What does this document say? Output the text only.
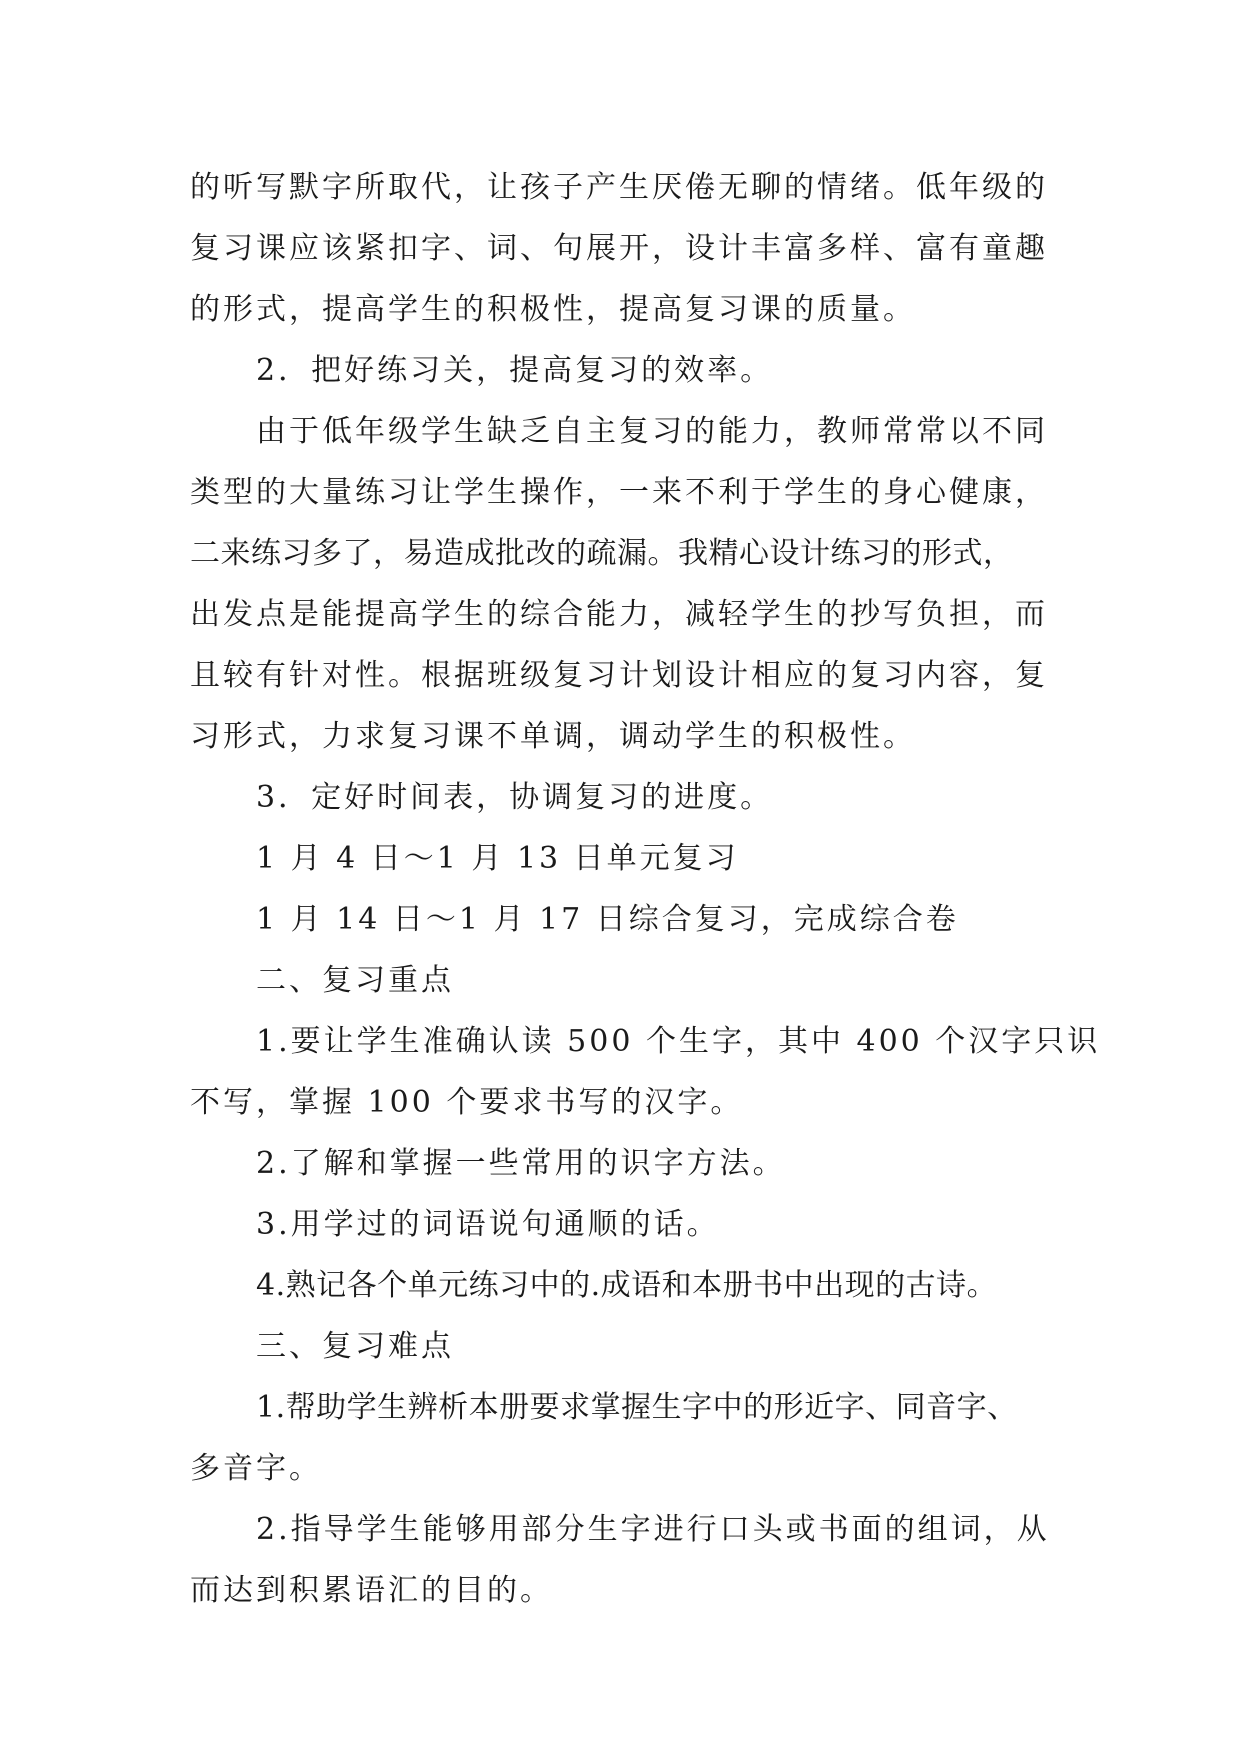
的听写默字所取代，让孩子产生厌倦无聊的情绪。低年级的

复习课应该紧扣字、词、句展开，设计丰富多样、富有童趣

的形式，提高学生的积极性，提高复习课的质量。

2．把好练习关，提高复习的效率。

由于低年级学生缺乏自主复习的能力，教师常常以不同

类型的大量练习让学生操作，一来不利于学生的身心健康，

二来练习多了，易造成批改的疏漏。我精心设计练习的形式，

出发点是能提高学生的综合能力，减轻学生的抄写负担，而

且较有针对性。根据班级复习计划设计相应的复习内容，复

习形式，力求复习课不单调，调动学生的积极性。

3．定好时间表，协调复习的进度。

1 月 4 日～1 月 13 日单元复习

1 月 14 日～1 月 17 日综合复习，完成综合卷

二、复习重点

1.要让学生准确认读 500 个生字，其中 400 个汉字只识

不写，掌握 100 个要求书写的汉字。

2.了解和掌握一些常用的识字方法。

3.用学过的词语说句通顺的话。

4.熟记各个单元练习中的.成语和本册书中出现的古诗。

三、复习难点

1.帮助学生辨析本册要求掌握生字中的形近字、同音字、

多音字。

2.指导学生能够用部分生字进行口头或书面的组词，从

而达到积累语汇的目的。
